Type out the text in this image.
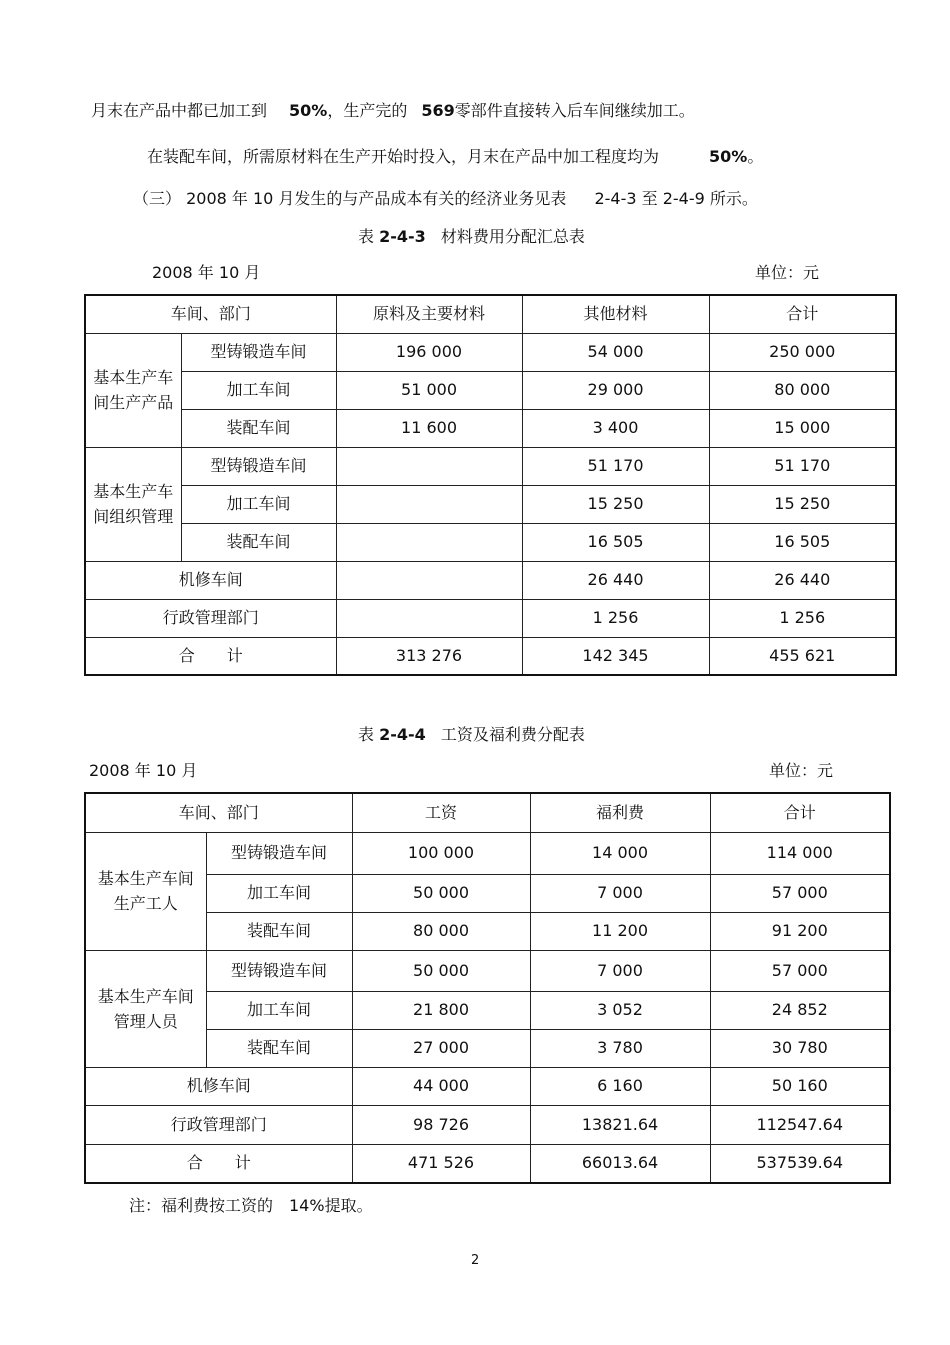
月末在产品中都已加工到 50%，生产完的 569零部件直接转入后车间继续加工。
在装配车间，所需原材料在生产开始时投入，月末在产品中加工程度均为	50%。
（三） 2008 年 10 月发生的与产品成本有关的经济业务见表 2-4-3 至 2-4-9 所示。
表 2-4-3 材料费用分配汇总表
2008 年 10 月	单位：元
车间、部门		原料及主要材料	其他材料	合计
基本生产车间生产产品	型铸锻造车间	196 000	54 000	250 000
	加工车间	51 000	29 000	80 000
	装配车间	11 600	3 400	15 000
基本生产车间组织管理	型铸锻造车间		51 170	51 170
	加工车间		15 250	15 250
	装配车间		16 505	16 505
机修车间			26 440	26 440
行政管理部门			1 256	1 256
合　　计		313 276	142 345	455 621
表 2-4-4 工资及福利费分配表
2008 年 10 月	单位：元
车间、部门		工资	福利费	合计
基本生产车间生产工人	型铸锻造车间	100 000	14 000	114 000
	加工车间	50 000	7 000	57 000
	装配车间	80 000	11 200	91 200
基本生产车间管理人员	型铸锻造车间	50 000	7 000	57 000
	加工车间	21 800	3 052	24 852
	装配车间	27 000	3 780	30 780
机修车间		44 000	6 160	50 160
行政管理部门		98 726	13821.64	112547.64
合　　计		471 526	66013.64	537539.64
注：福利费按工资的　14%提取。
2
